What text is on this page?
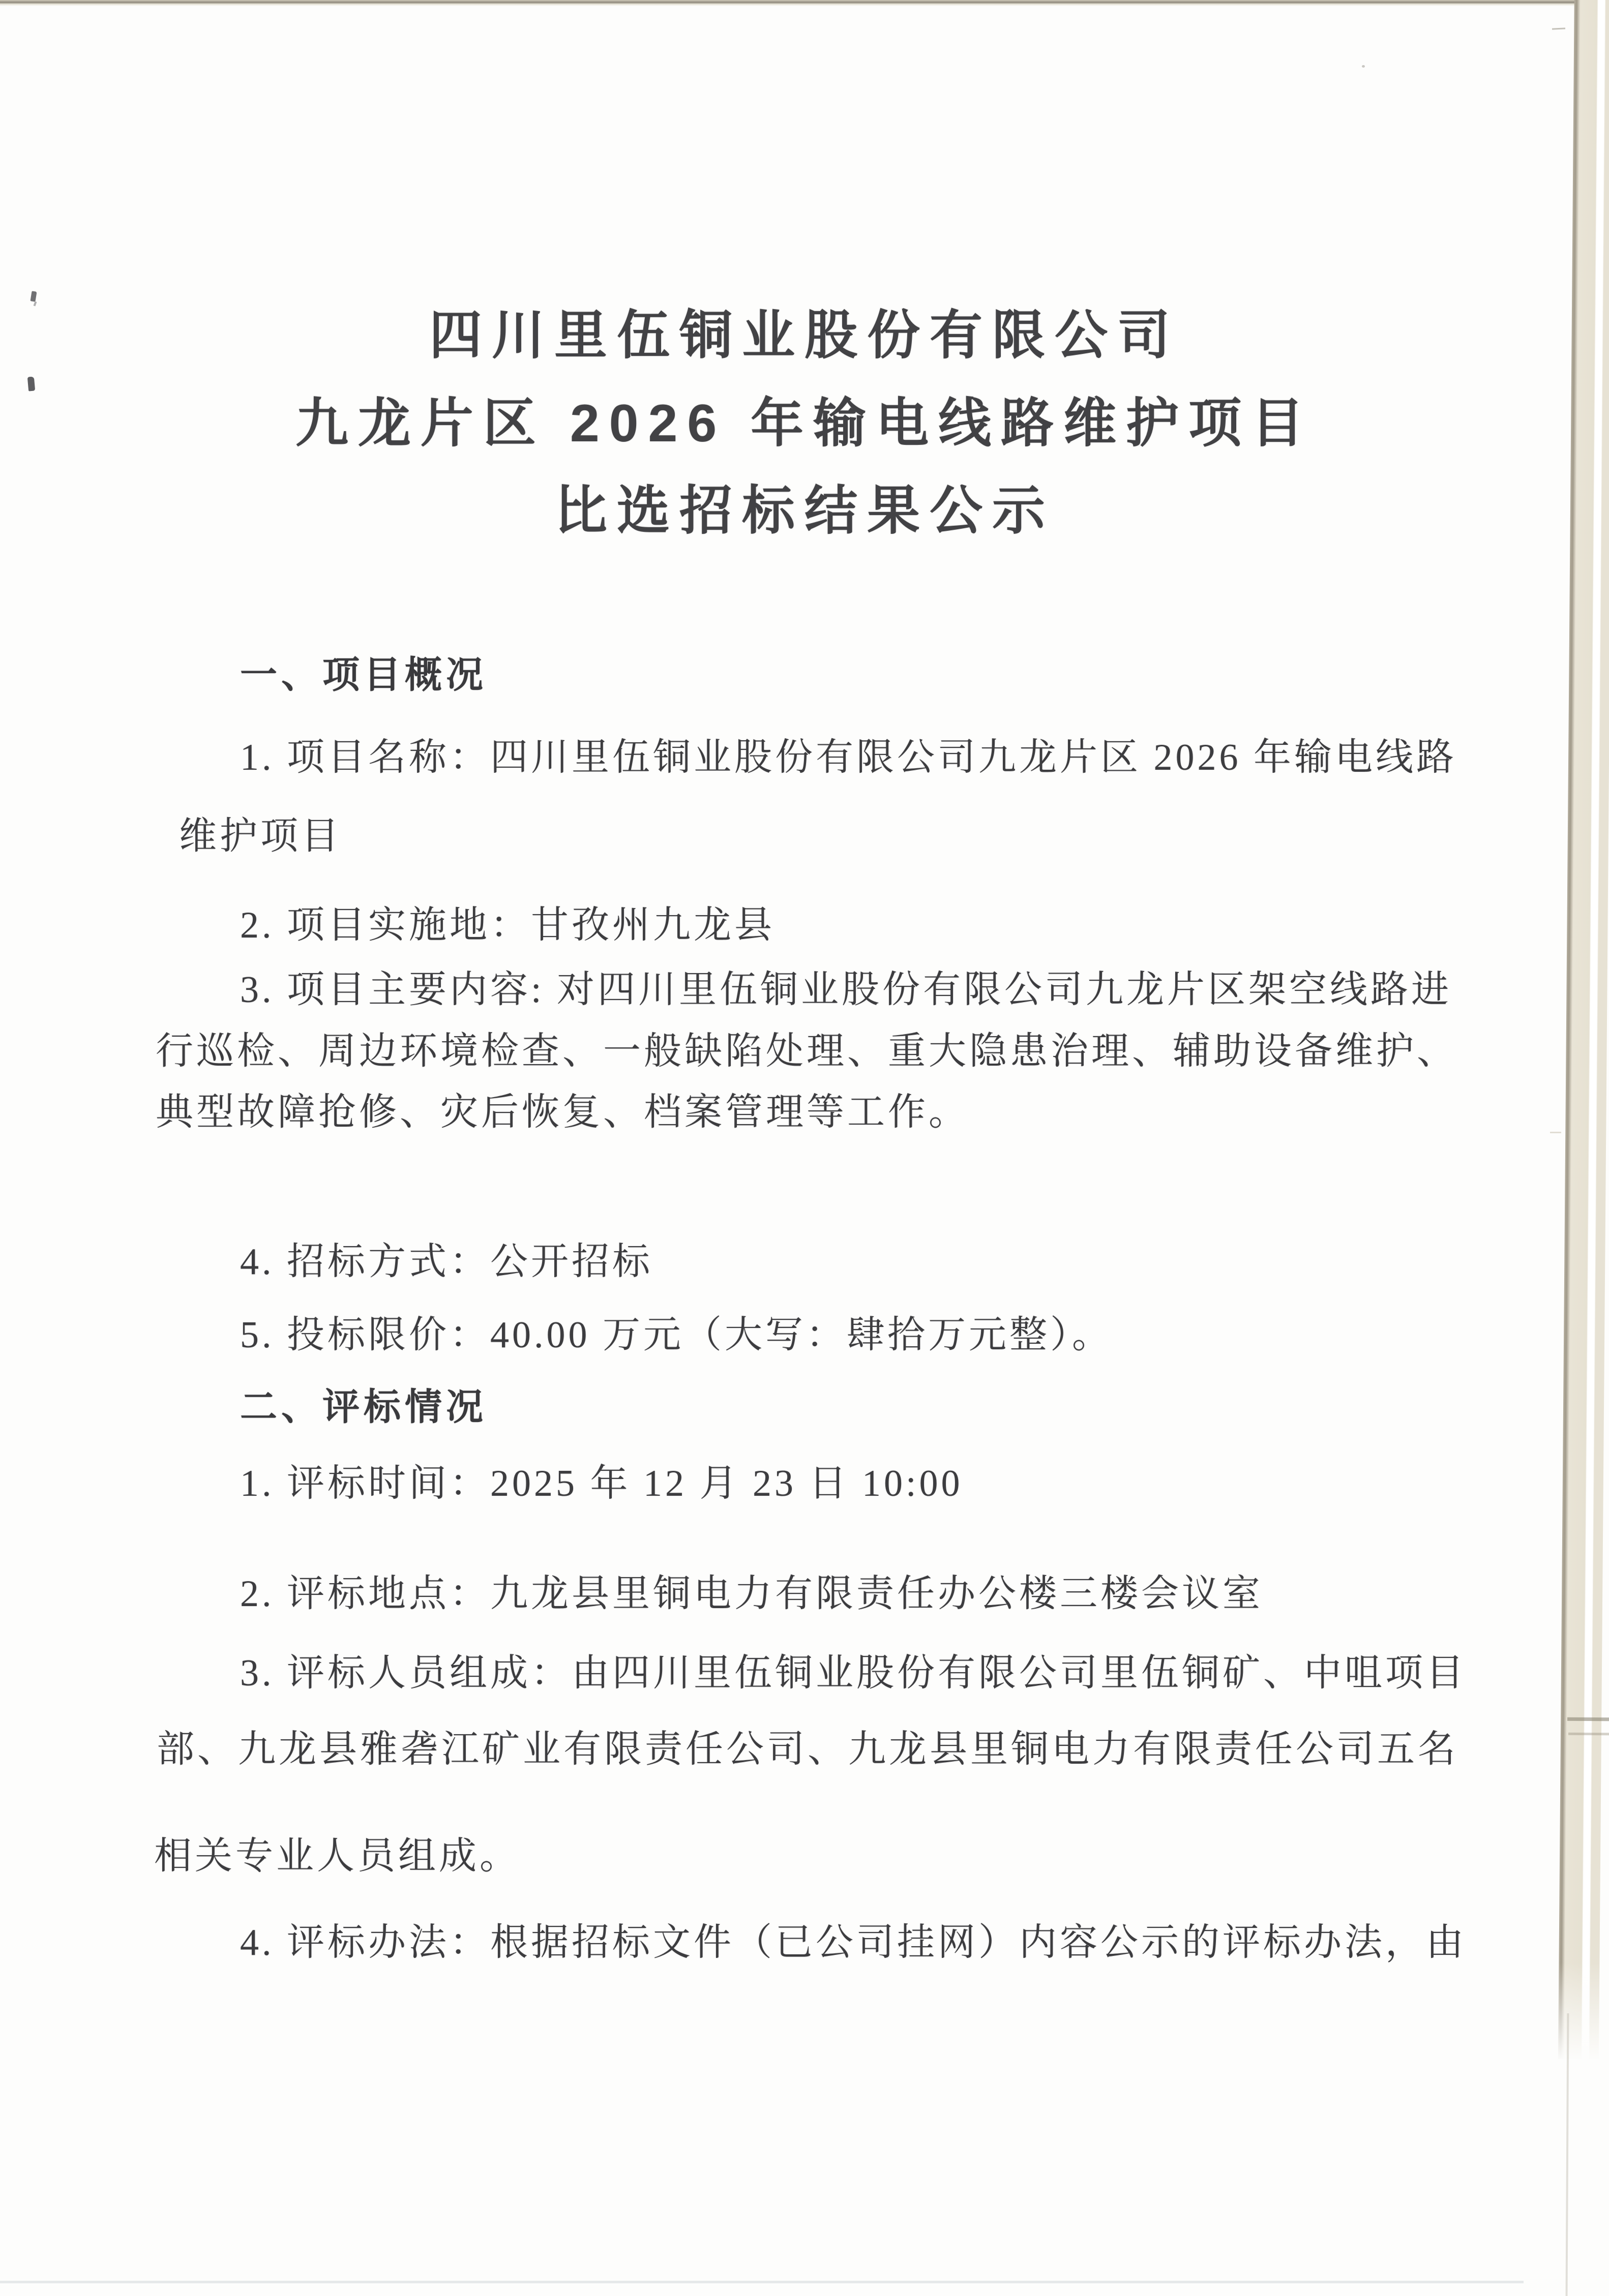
四川里伍铜业股份有限公司
九龙片区 2026 年输电线路维护项目
比选招标结果公示
一、项目概况
1. 项目名称：四川里伍铜业股份有限公司九龙片区 2026 年输电线路
维护项目
2. 项目实施地：甘孜州九龙县
3. 项目主要内容: 对四川里伍铜业股份有限公司九龙片区架空线路进
行巡检、周边环境检查、一般缺陷处理、重大隐患治理、辅助设备维护、
典型故障抢修、灾后恢复、档案管理等工作。
4. 招标方式：公开招标
5. 投标限价：40.00 万元（大写：肆拾万元整）。
二、评标情况
1. 评标时间：2025 年 12 月 23 日 10:00
2. 评标地点：九龙县里铜电力有限责任办公楼三楼会议室
3. 评标人员组成：由四川里伍铜业股份有限公司里伍铜矿、中咀项目
部、九龙县雅砻江矿业有限责任公司、九龙县里铜电力有限责任公司五名
相关专业人员组成。
4. 评标办法：根据招标文件（已公司挂网）内容公示的评标办法，由
